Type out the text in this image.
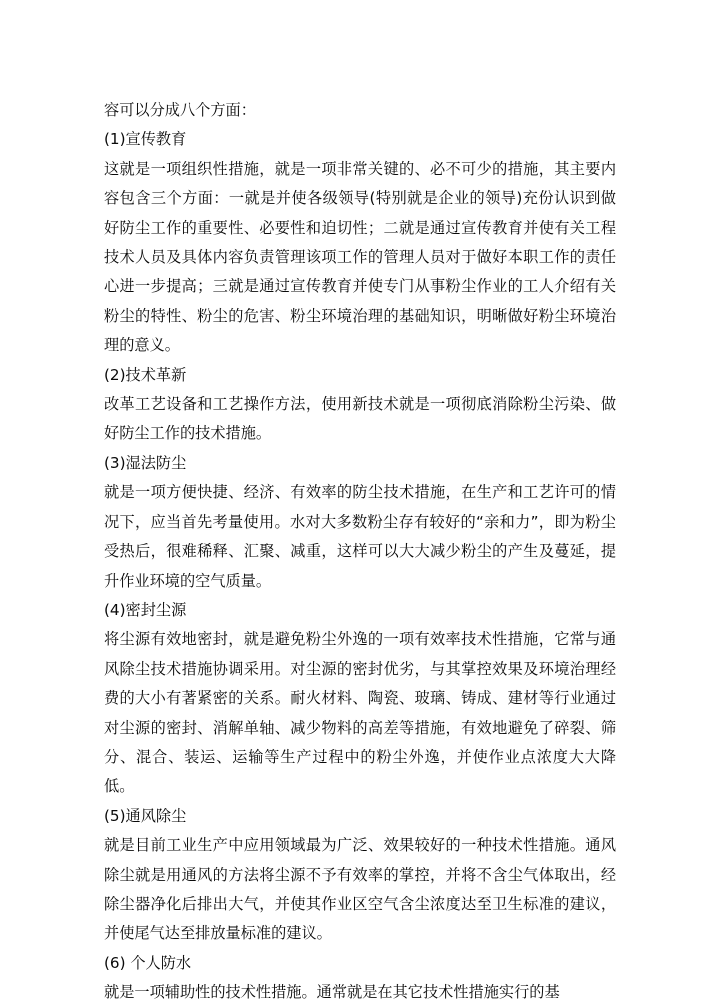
容可以分成八个方面：

(1)宣传教育

这就是一项组织性措施，就是一项非常关键的、必不可少的措施，其主要内容包含三个方面：一就是并使各级领导(特别就是企业的领导)充份认识到做好防尘工作的重要性、必要性和迫切性；二就是通过宣传教育并使有关工程技术人员及具体内容负责管理该项工作的管理人员对于做好本职工作的责任心进一步提高；三就是通过宣传教育并使专门从事粉尘作业的工人介绍有关粉尘的特性、粉尘的危害、粉尘环境治理的基础知识，明晰做好粉尘环境治理的意义。

(2)技术革新

改革工艺设备和工艺操作方法，使用新技术就是一项彻底消除粉尘污染、做好防尘工作的技术措施。

(3)湿法防尘

就是一项方便快捷、经济、有效率的防尘技术措施，在生产和工艺许可的情况下，应当首先考量使用。水对大多数粉尘存有较好的“亲和力”，即为粉尘受热后，很难稀释、汇聚、减重，这样可以大大减少粉尘的产生及蔓延，提升作业环境的空气质量。

(4)密封尘源

将尘源有效地密封，就是避免粉尘外逸的一项有效率技术性措施，它常与通风除尘技术措施协调采用。对尘源的密封优劣，与其掌控效果及环境治理经费的大小有著紧密的关系。耐火材料、陶瓷、玻璃、铸成、建材等行业通过对尘源的密封、消解单轴、减少物料的高差等措施，有效地避免了碎裂、筛分、混合、装运、运输等生产过程中的粉尘外逸，并使作业点浓度大大降低。

(5)通风除尘

就是目前工业生产中应用领域最为广泛、效果较好的一种技术性措施。通风除尘就是用通风的方法将尘源不予有效率的掌控，并将不含尘气体取出，经除尘器净化后排出大气，并使其作业区空气含尘浓度达至卫生标准的建议，并使尾气达至排放量标准的建议。

(6) 个人防水

就是一项辅助性的技术性措施。通常就是在其它技术性措施实行的基
